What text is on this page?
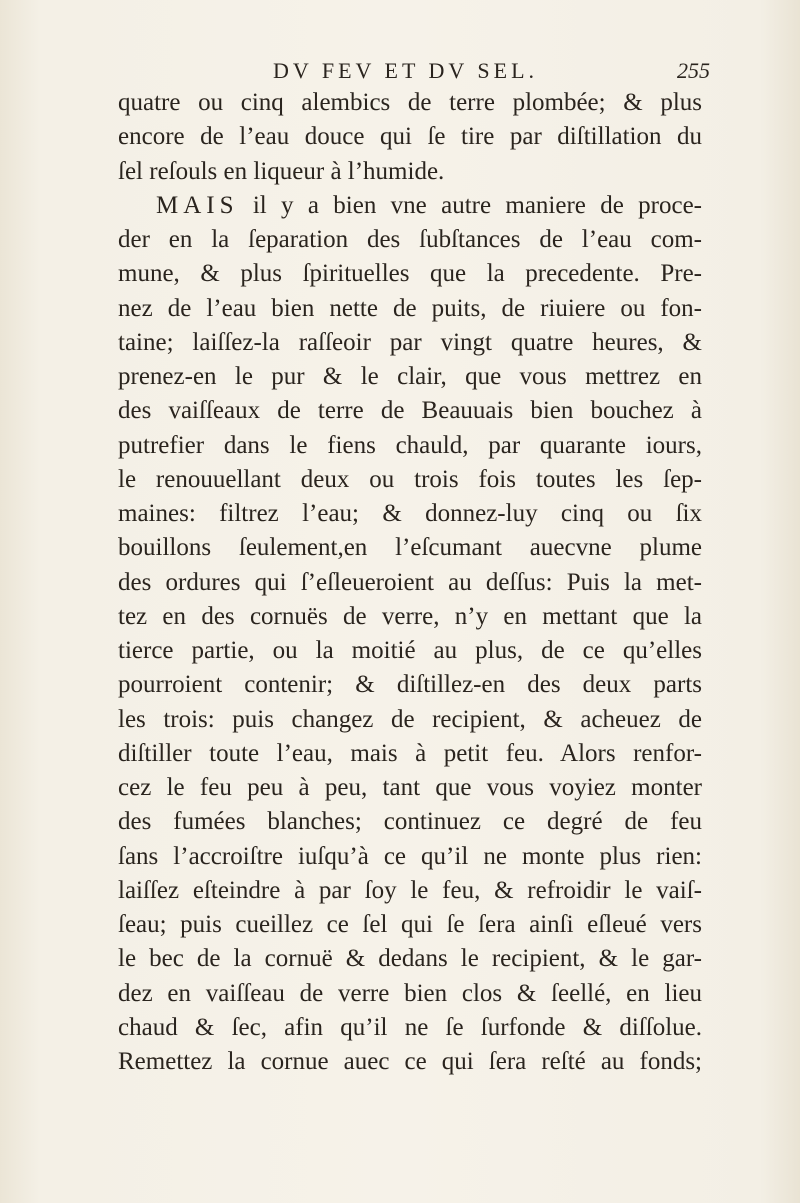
DV FEV ET DV SEL.	255
quatre ou cinq alembics de terre plombée; & plus
encore de l’eau douce qui ſe tire par diſtillation du
ſel reſouls en liqueur à l’humide.
MAIS il y a bien vne autre maniere de proce-
der en la ſeparation des ſubſtances de l’eau com-
mune, & plus ſpirituelles que la precedente. Pre-
nez de l’eau bien nette de puits, de riuiere ou fon-
taine; laiſſez-la raſſeoir par vingt quatre heures, &
prenez-en le pur & le clair, que vous mettrez en
des vaiſſeaux de terre de Beauuais bien bouchez à
putrefier dans le fiens chauld, par quarante iours,
le renouuellant deux ou trois fois toutes les ſep-
maines: filtrez l’eau; & donnez-luy cinq ou ſix
bouillons ſeulement,en l’eſcumant auecvne plume
des ordures qui ſ’eſleueroient au deſſus: Puis la met-
tez en des cornuës de verre, n’y en mettant que la
tierce partie, ou la moitié au plus, de ce qu’elles
pourroient contenir; & diſtillez-en des deux parts
les trois: puis changez de recipient, & acheuez de
diſtiller toute l’eau, mais à petit feu. Alors renfor-
cez le feu peu à peu, tant que vous voyiez monter
des fumées blanches; continuez ce degré de feu
ſans l’accroiſtre iuſqu’à ce qu’il ne monte plus rien:
laiſſez eſteindre à par ſoy le feu, & refroidir le vaiſ-
ſeau; puis cueillez ce ſel qui ſe ſera ainſi eſleué vers
le bec de la cornuë & dedans le recipient, & le gar-
dez en vaiſſeau de verre bien clos & ſeellé, en lieu
chaud & ſec, afin qu’il ne ſe ſurfonde & diſſolue.
Remettez la cornue auec ce qui ſera reſté au fonds;
